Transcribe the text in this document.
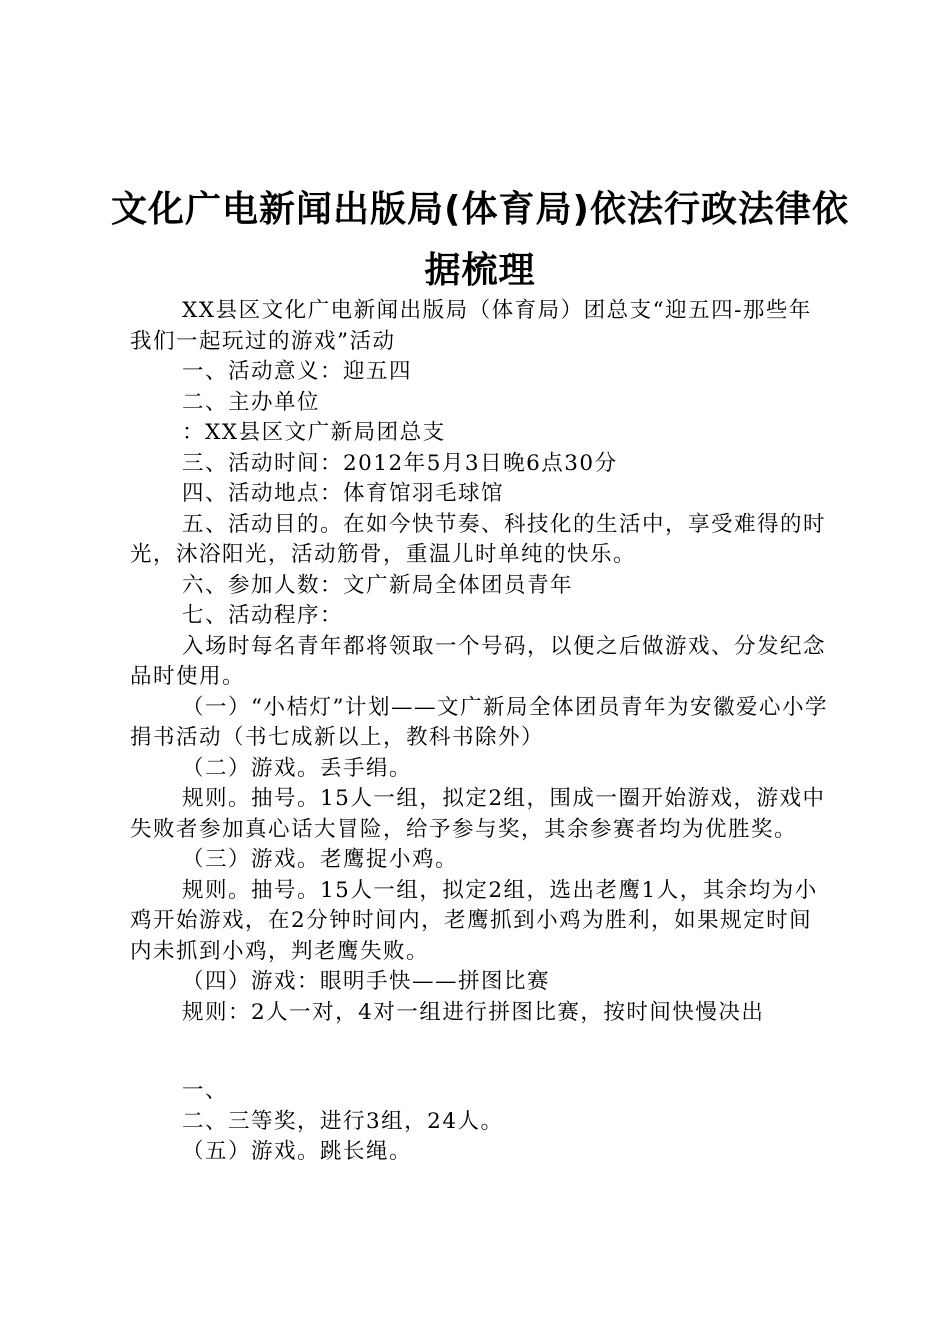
文化广电新闻出版局(体育局)依法行政法律依
据梳理

XX县区文化广电新闻出版局（体育局）团总支“迎五四-那些年我们一起玩过的游戏”活动

一、活动意义：迎五四

二、主办单位

：XX县区文广新局团总支

三、活动时间：2012年5月3日晚6点30分

四、活动地点：体育馆羽毛球馆

五、活动目的。在如今快节奏、科技化的生活中，享受难得的时光，沐浴阳光，活动筋骨，重温儿时单纯的快乐。

六、参加人数：文广新局全体团员青年

七、活动程序：

入场时每名青年都将领取一个号码，以便之后做游戏、分发纪念品时使用。

（一）“小桔灯”计划——文广新局全体团员青年为安徽爱心小学捐书活动（书七成新以上，教科书除外）

（二）游戏。丢手绢。

规则。抽号。15人一组，拟定2组，围成一圈开始游戏，游戏中失败者参加真心话大冒险，给予参与奖，其余参赛者均为优胜奖。

（三）游戏。老鹰捉小鸡。

规则。抽号。15人一组，拟定2组，选出老鹰1人，其余均为小鸡开始游戏，在2分钟时间内，老鹰抓到小鸡为胜利，如果规定时间内未抓到小鸡，判老鹰失败。

（四）游戏：眼明手快——拼图比赛

规则：2人一对，4对一组进行拼图比赛，按时间快慢决出

一、

二、三等奖，进行3组，24人。

（五）游戏。跳长绳。
